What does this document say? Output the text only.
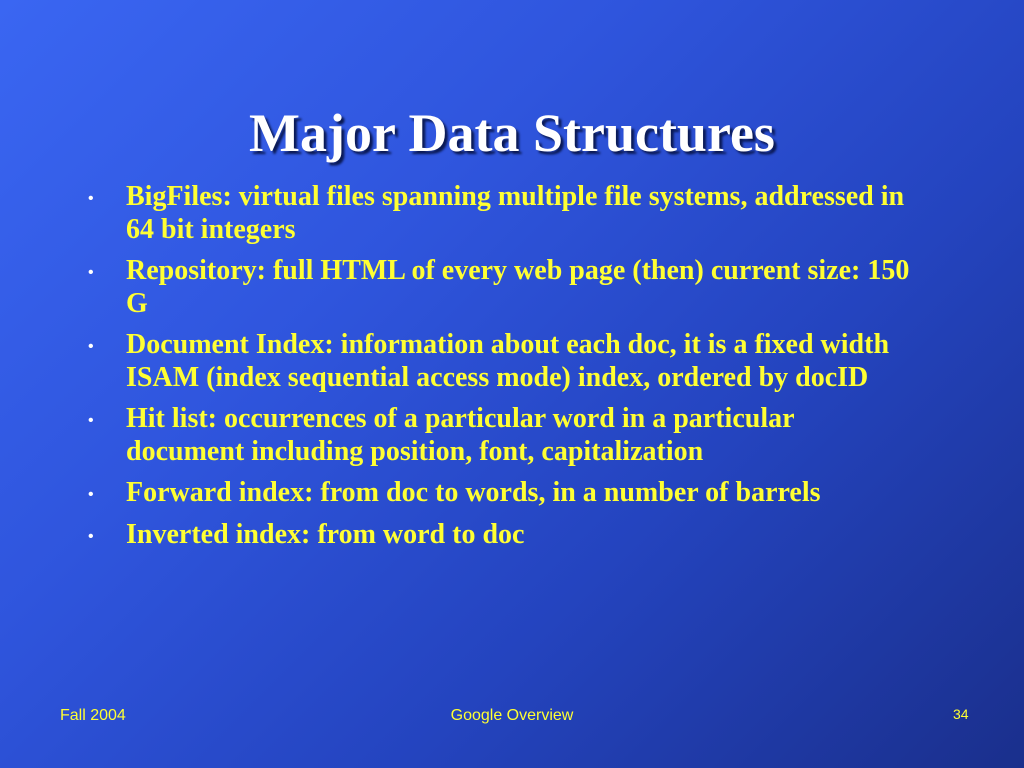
Major Data Structures
• BigFiles: virtual files spanning multiple file systems, addressed in 64 bit integers
• Repository: full HTML of every web page (then) current size: 150 G
• Document Index: information about each doc, it is a fixed width ISAM (index sequential access mode) index, ordered by docID
• Hit list: occurrences of a particular word in a particular document including position, font, capitalization
• Forward index: from doc to words, in a number of barrels
• Inverted index: from word to doc
Fall 2004	Google Overview	34
